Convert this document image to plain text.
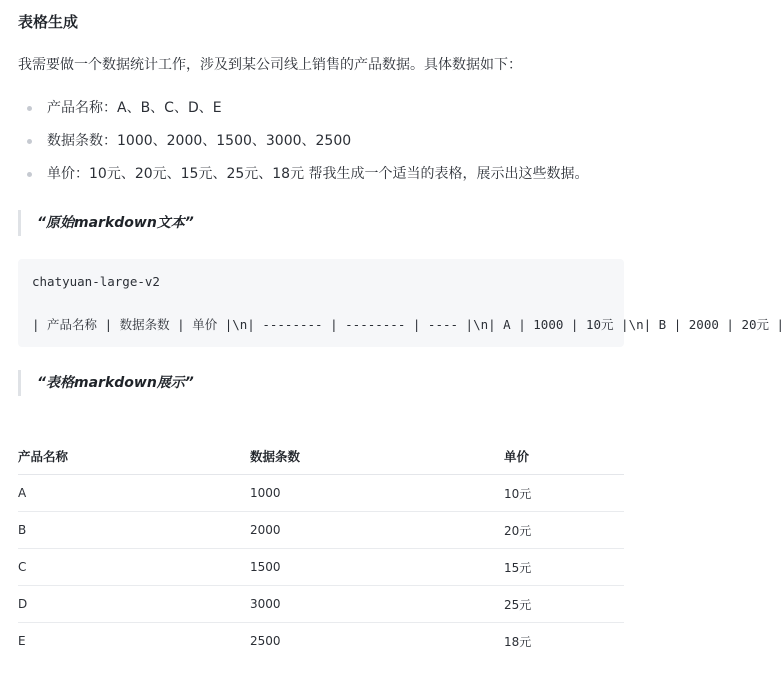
表格生成
我需要做一个数据统计工作，涉及到某公司线上销售的产品数据。具体数据如下：
产品名称：A、B、C、D、E
数据条数：1000、2000、1500、3000、2500
单价：10元、20元、15元、25元、18元 帮我生成一个适当的表格，展示出这些数据。
“原始markdown文本”
chatyuan-large-v2
| 产品名称 | 数据条数 | 单价 |\n| -------- | -------- | ---- |\n| A | 1000 | 10元 |\n| B | 2000 | 20元 |
“表格markdown展示”
产品名称	数据条数	单价
A	1000	10元
B	2000	20元
C	1500	15元
D	3000	25元
E	2500	18元
